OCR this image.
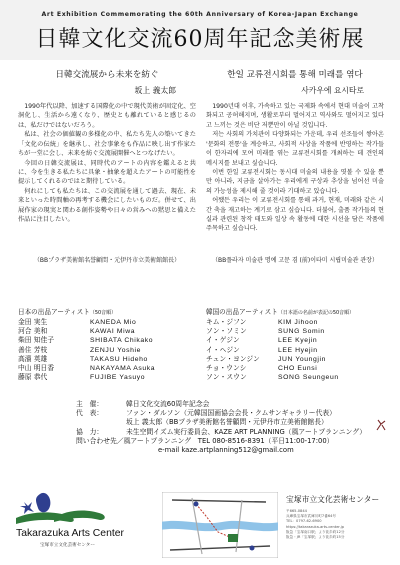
Art Exhibition Commemorating the 60th Anniversary of Korea-Japan Exchange
日韓文化交流60周年記念美術展
日韓交流展から未来を紡ぐ
坂上 義太郎

1990年代以降、加速する国際化の中で現代美術が固定化、空洞化し、生活から遠くなり、歴史とも離れていると感じるのは、私だけではないだろう。

私は、社会の価値観の多様化の中、私たち先人の築いてきた「文化の伝統」を継承し、社会事象をも作品に映し出す作家たちが一堂に会し、未来を紡ぐ交流展開催へとつなげたい。

今回の日韓交流展は、同時代のアートの内容を鑑えると共に、今を生きる私たちに具象・抽象を超えたアートの可能性を提示してくれるのではと期待している。

何れにしても私たちは、この交流展を通して過去、現在、未来といった時間軸の再考する機会にしたいものだ。併せて、出展作家の現実と関わる創作姿勢や日々の営みへの黙思と備えた作品に注目したい。

（BBプラザ美術館名誉顧問・元伊丹市立美術館館長）
한일 교류전시회를 통해 미래를 엮다
사카우에 요시타로

1990년대 이후, 가속하고 있는 국제화 속에서 현대 미술이 고착화되고 공허해지며, 생활로부터 멀어지고 역사와도 떨어지고 있다고 느끼는 것은 비단 저뿐만이 아닐 것입니다.

저는 사회의 가치관이 다양화되는 가운데, 우리 선조들이 쌓아온 '문화의 전통'을 계승하고, 사회적 사상을 작품에 반영하는 작가들이 한자리에 모여 미래를 엮는 교류전시회를 개최하는 데 견인의 메시지를 보내고 싶습니다.

이번 한일 교류전시회는 동시대 미술의 내용을 엿볼 수 있을 뿐만 아니라, 지금을 살아가는 우리에게 구상과 추상을 넘어선 미술의 가능성을 제시해 줄 것이라 기대하고 있습니다.

어쨌든 우리는 이 교류전시회를 통해 과거, 현재, 미래와 같은 시간 축을 재고하는 계기로 삼고 싶습니다. 더불어, 출품 작가들의 현실과 관련된 창작 태도와 일상 속 활동에 대한 시선을 담은 작품에 주목하고 싶습니다.

（BB플라자 미술관 명예 고문 겸 (前)이타미 시립미술관 관장）
日本の出品アーティスト（50音順）
金田 実生	KANEDA Mio
河合 美和	KAWAI Miwa
柴田 知佳子	SHIBATA Chikako
善住 芳枝	ZENJU Yoshie
高濱 英雄	TAKASU Hideho
中山 明日香	NAKAYAMA Asuka
藤原 恭代	FUJIBE Yasuyo
韓国の出品アーティスト（日本語の名前が表記の50音順）
キム・ジフン	KIM Jihoon
ソン・ソミン	SUNG Somin
イ・ゲジン	LEE Kyejin
イ・ヘジン	LEE Hyejin
チュン・ヨンジン	JUN Youngjin
チョ・ウンシ	CHO Eunsi
ソン・スウン	SONG Seungeun
主　催：	韓日文化交流60周年記念会
代　表：	ファン・ダルソン（元韓国国画協会会長・クムサンギャラリー代表）
坂上 義太郎（BBプラザ美術館名誉顧問・元伊丹市立美術館館長）
協　力：	未生空間イズム実行委員会、KAZE ART PLANNING（風アートプランニング）
問い合わせ先／ 風アートプランニング　TEL 080-8516-8391（平日11:00-17:00）
e-mail kaze.artplanning512@gmail.com
Takarazuka Arts Center
宝塚市立文化芸術センター
宝塚市立文化芸術センター
〒665-0844
兵庫県宝塚市武庫川町7番64号
TEL：0797-62-6900
https://takarazuka-arts-center.jp
阪急「宝塚南口駅」より徒歩約12分
阪急・JR「宝塚駅」より徒歩約15分
